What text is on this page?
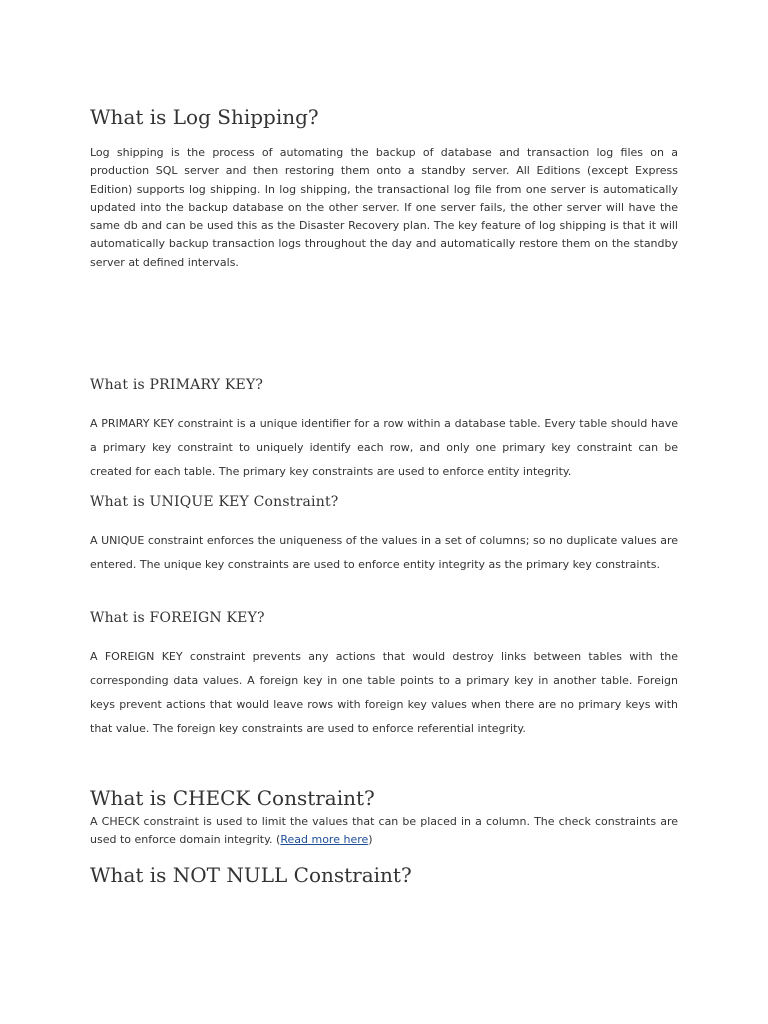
What is Log Shipping?

Log shipping is the process of automating the backup of database and transaction log files on a production SQL server and then restoring them onto a standby server. All Editions (except Express Edition) supports log shipping. In log shipping, the transactional log file from one server is automatically updated into the backup database on the other server. If one server fails, the other server will have the same db and can be used this as the Disaster Recovery plan. The key feature of log shipping is that it will automatically backup transaction logs throughout the day and automatically restore them on the standby server at defined intervals.

What is PRIMARY KEY?

A PRIMARY KEY constraint is a unique identifier for a row within a database table. Every table should have a primary key constraint to uniquely identify each row, and only one primary key constraint can be created for each table. The primary key constraints are used to enforce entity integrity.

What is UNIQUE KEY Constraint?

A UNIQUE constraint enforces the uniqueness of the values in a set of columns; so no duplicate values are entered. The unique key constraints are used to enforce entity integrity as the primary key constraints.

What is FOREIGN KEY?

A FOREIGN KEY constraint prevents any actions that would destroy links between tables with the corresponding data values. A foreign key in one table points to a primary key in another table. Foreign keys prevent actions that would leave rows with foreign key values when there are no primary keys with that value. The foreign key constraints are used to enforce referential integrity.

What is CHECK Constraint?

A CHECK constraint is used to limit the values that can be placed in a column. The check constraints are used to enforce domain integrity. (Read more here)

What is NOT NULL Constraint?
